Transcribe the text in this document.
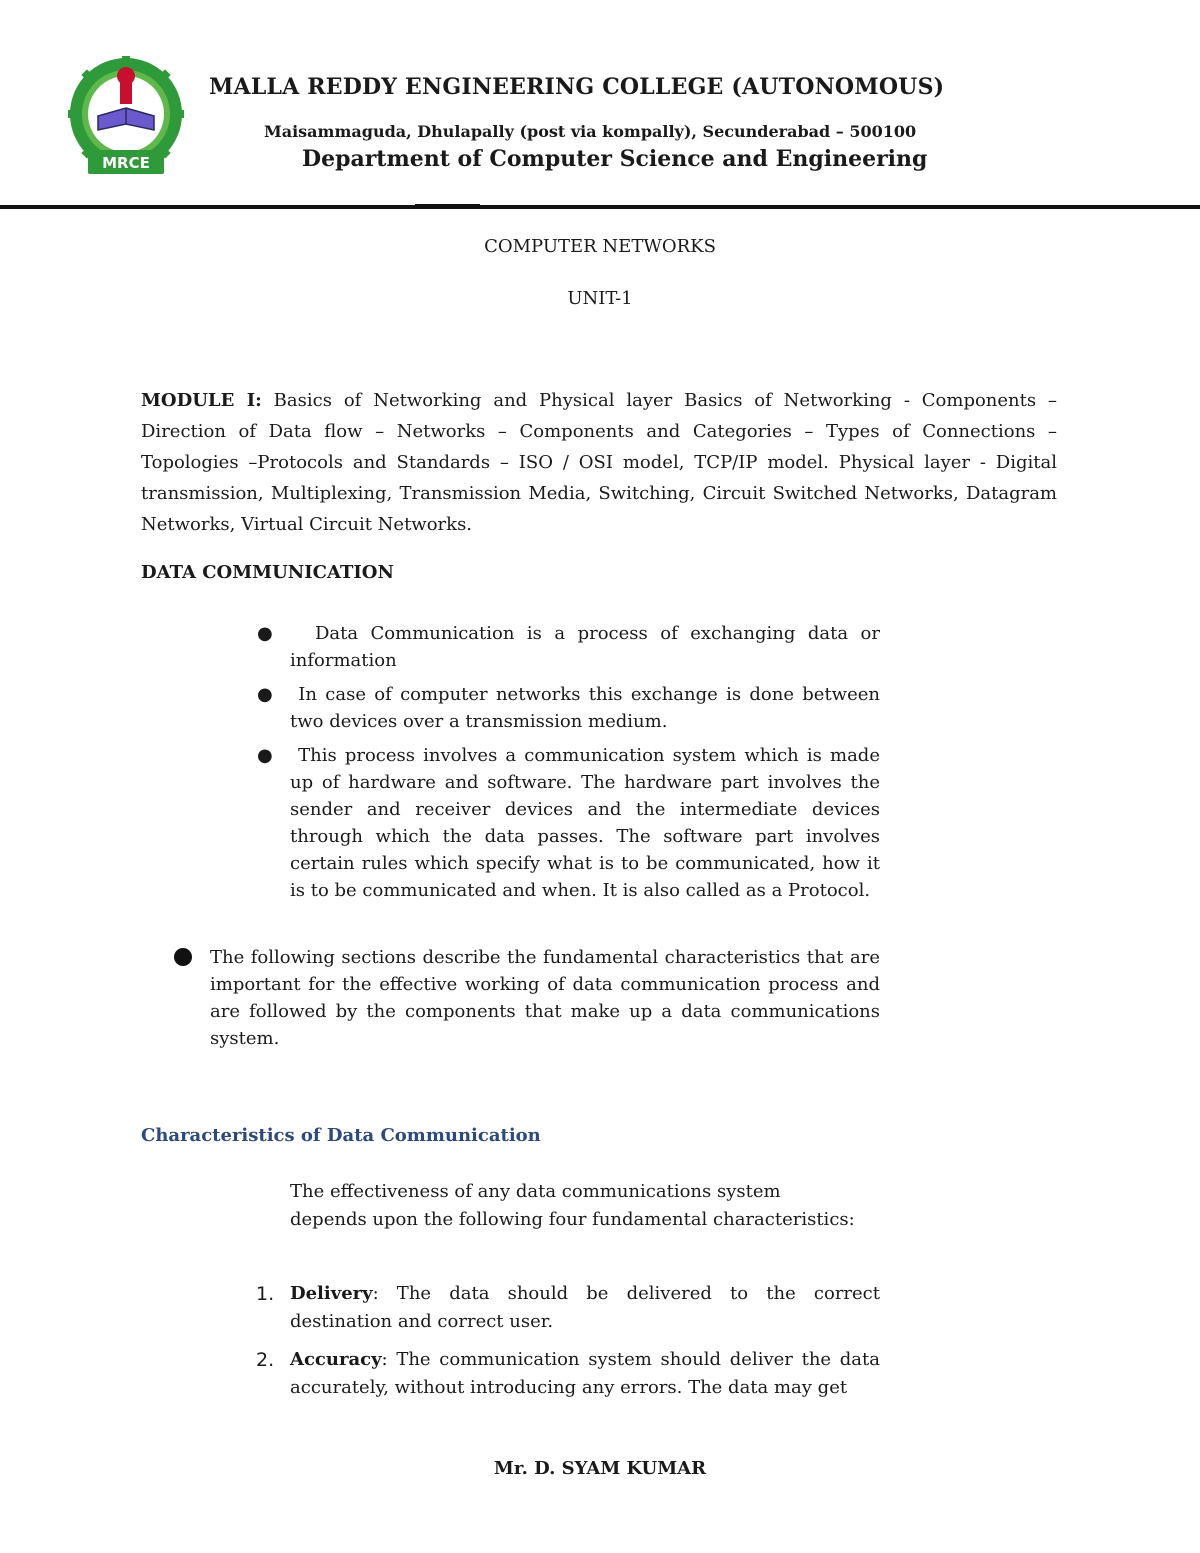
MRCE
MALLA REDDY ENGINEERING COLLEGE (AUTONOMOUS)
Maisammaguda, Dhulapally (post via kompally), Secunderabad – 500100
Department of Computer Science and Engineering
COMPUTER NETWORKS
UNIT-1
MODULE I: Basics of Networking and Physical layer Basics of Networking - Components – Direction of Data flow – Networks – Components and Categories – Types of Connections – Topologies –Protocols and Standards – ISO / OSI model, TCP/IP model. Physical layer - Digital transmission, Multiplexing, Transmission Media, Switching, Circuit Switched Networks, Datagram Networks, Virtual Circuit Networks.
DATA COMMUNICATION
● Data Communication is a process of exchanging data or information
● In case of computer networks this exchange is done between two devices over a transmission medium.
● This process involves a communication system which is made up of hardware and software. The hardware part involves the sender and receiver devices and the intermediate devices through which the data passes. The software part involves certain rules which specify what is to be communicated, how it is to be communicated and when. It is also called as a Protocol.
The following sections describe the fundamental characteristics that are important for the effective working of data communication process and are followed by the components that make up a data communications system.
Characteristics of Data Communication
The effectiveness of any data communications system
depends upon the following four fundamental characteristics:
1. Delivery: The data should be delivered to the correct destination and correct user.
2. Accuracy: The communication system should deliver the data accurately, without introducing any errors. The data may get
Mr. D. SYAM KUMAR
